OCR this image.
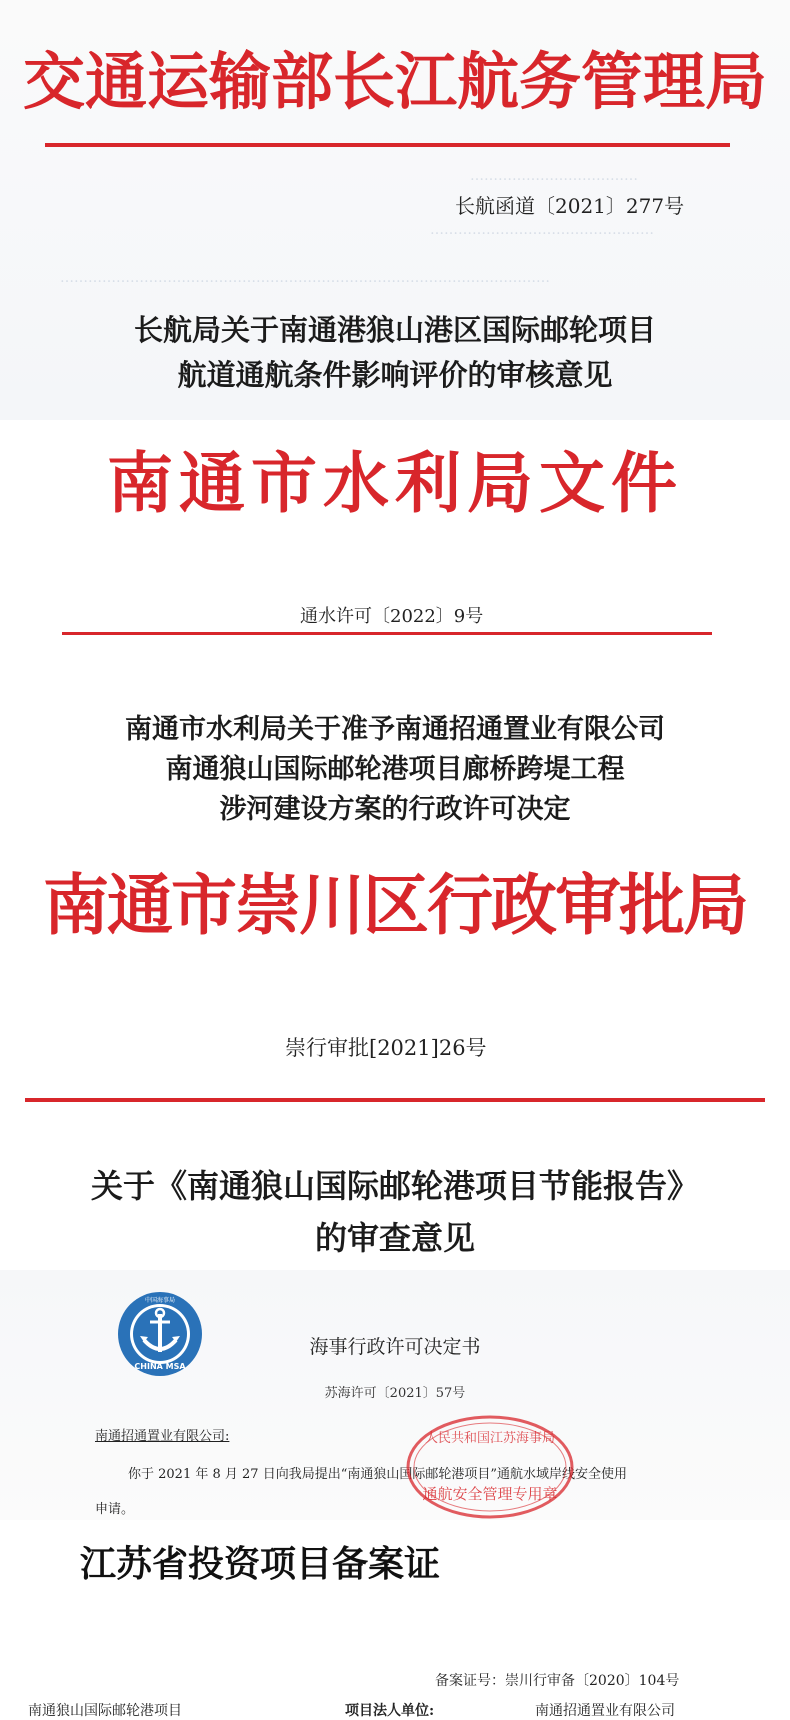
………………………………
…………………………………………
……………………………………………………………………………………………
交通运输部长江航务管理局
长航函道〔2021〕277号
长航局关于南通港狼山港区国际邮轮项目
航道通航条件影响评价的审核意见
南通市水利局文件
通水许可〔2022〕9号
南通市水利局关于准予南通招通置业有限公司
南通狼山国际邮轮港项目廊桥跨堤工程
涉河建设方案的行政许可决定
南通市崇川区行政审批局
崇行审批[2021]26号
关于《南通狼山国际邮轮港项目节能报告》
的审查意见
中国海事局
CHINA MSA
海事行政许可决定书
苏海许可〔2021〕57号
南通招通置业有限公司:
你于 2021 年 8 月 27 日向我局提出“南通狼山国际邮轮港项目”通航水域岸线安全使用
申请。
人民共和国江苏海事局
通航安全管理专用章
江苏省投资项目备案证
备案证号：崇川行审备〔2020〕104号
南通狼山国际邮轮港项目	项目法人单位:	南通招通置业有限公司
